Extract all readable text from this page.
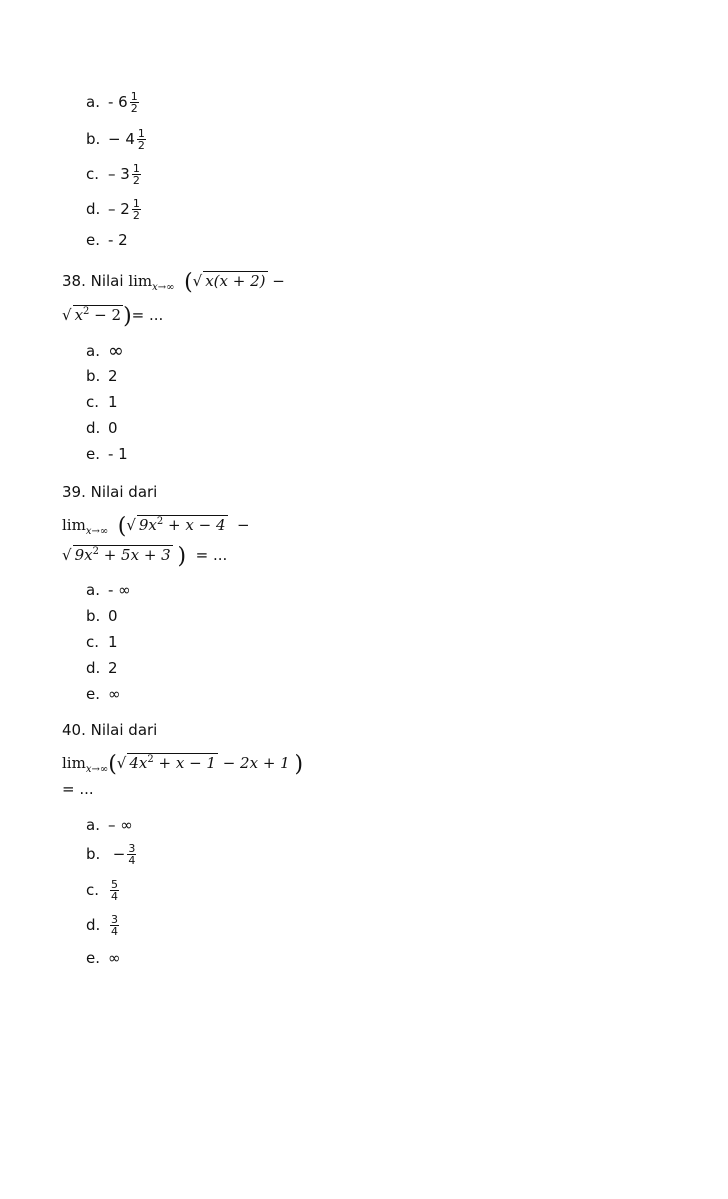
a. - $6 \frac{1}{2}$
b. − $4 \frac{1}{2}$
c. – $3 \frac{1}{2}$
d. – $2 \frac{1}{2}$
e. - 2
38. Nilai $\lim_{x\to\infty}$ (√ x(x + 2) −
√ $x^2 - 2)=$ ...
a. ∞
b. 2
c. 1
d. 0
e. - 1
39. Nilai dari
$\lim_{x\to\infty}$ (√ $9x^2 + x - 4$ −
√ $9x^2 + 5x + 3$ ) = ...
a. - ∞
b. 0
c. 1
d. 2
e. ∞
40. Nilai dari
$\lim_{x\to\infty}(√$ $4x^2 + x - 1 - 2x + 1$ )
= ...
a. – ∞
b.
− $\frac{3}{4}$
c. $\frac{5}{4}$
d. $\frac{3}{4}$
e. ∞
